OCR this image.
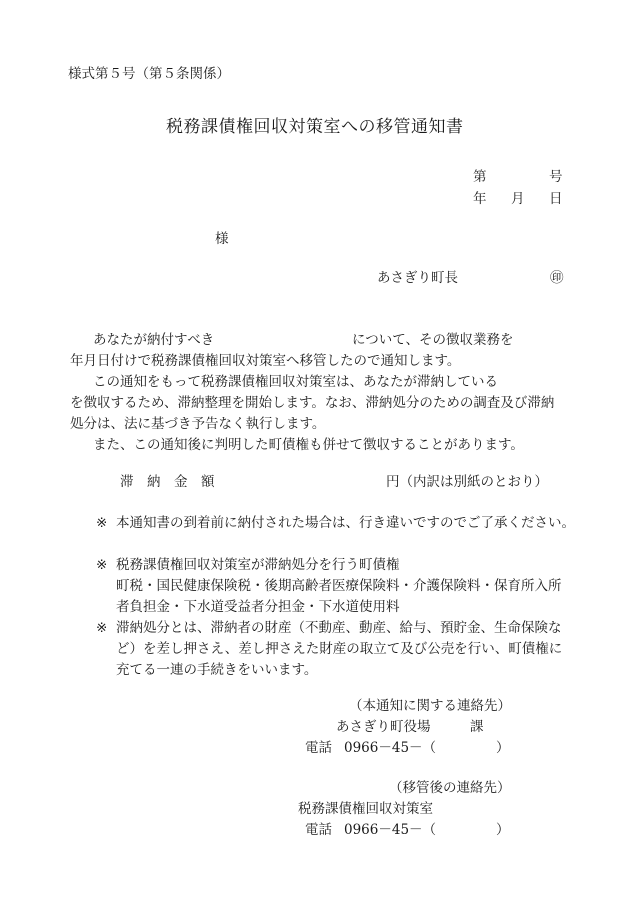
様式第５号（第５条関係）
税務課債権回収対策室への移管通知書
第	号
年 月 日
様
あさぎり町長	㊞
あなたが納付すべき	について、その徴収業務を
年月日付けで税務課債権回収対策室へ移管したので通知します。
この通知をもって税務課債権回収対策室は、あなたが滞納している
を徴収するため、滞納整理を開始します。なお、滞納処分のための調査及び滞納
処分は、法に基づき予告なく執行します。
また、この通知後に判明した町債権も併せて徴収することがあります。
滞　納　金　額	円（内訳は別紙のとおり）
※ 本通知書の到着前に納付された場合は、行き違いですのでご了承ください。
※ 税務課債権回収対策室が滞納処分を行う町債権
町税・国民健康保険税・後期高齢者医療保険料・介護保険料・保育所入所
者負担金・下水道受益者分担金・下水道使用料
※ 滞納処分とは、滞納者の財産（不動産、動産、給与、預貯金、生命保険な
ど）を差し押さえ、差し押さえた財産の取立て及び公売を行い、町債権に
充てる一連の手続きをいいます。
（本通知に関する連絡先）
あさぎり町役場	課
電話 0966－45－（	）
（移管後の連絡先）
税務課債権回収対策室
電話 0966－45－（	）
